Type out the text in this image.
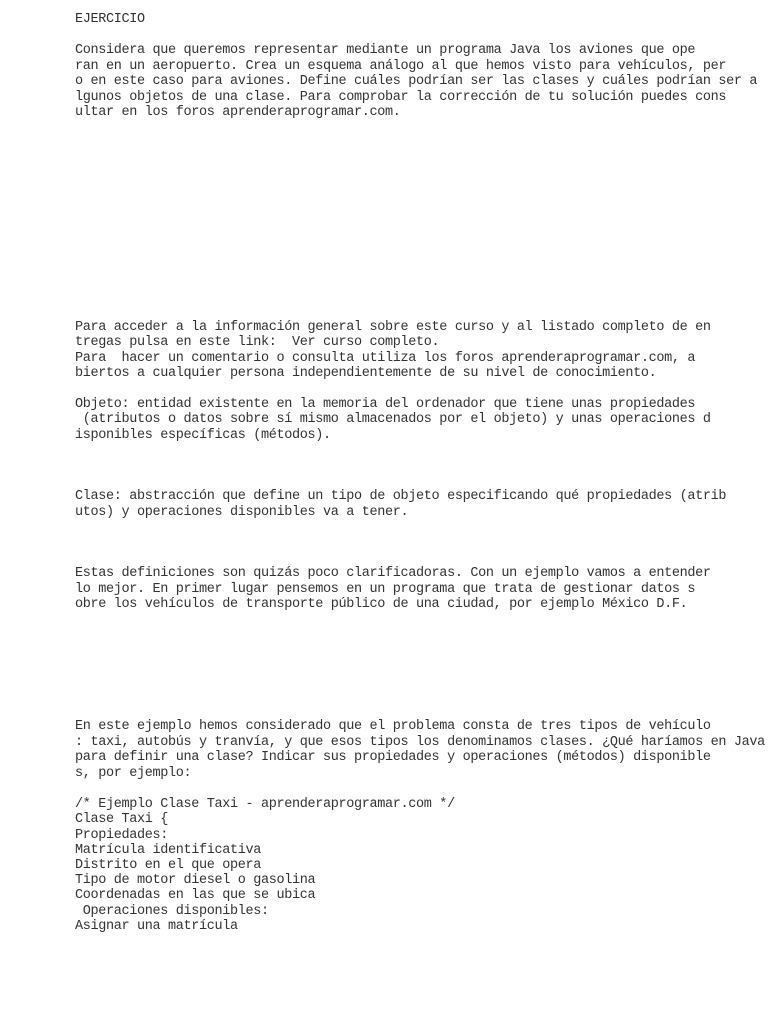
EJERCICIO

Considera que queremos representar mediante un programa Java los aviones que ope

ran en un aeropuerto. Crea un esquema análogo al que hemos visto para vehículos, per

o en este caso para aviones. Define cuáles podrían ser las clases y cuáles podrían ser a

lgunos objetos de una clase. Para comprobar la corrección de tu solución puedes cons

ultar en los foros aprenderaprogramar.com.

Para acceder a la información general sobre este curso y al listado completo de en

tregas pulsa en este link:  Ver curso completo.

Para  hacer un comentario o consulta utiliza los foros aprenderaprogramar.com, a

biertos a cualquier persona independientemente de su nivel de conocimiento.

Objeto: entidad existente en la memoria del ordenador que tiene unas propiedades

(atributos o datos sobre sí mismo almacenados por el objeto) y unas operaciones d

isponibles específicas (métodos).

Clase: abstracción que define un tipo de objeto especificando qué propiedades (atrib

utos) y operaciones disponibles va a tener.

Estas definiciones son quizás poco clarificadoras. Con un ejemplo vamos a entender

lo mejor. En primer lugar pensemos en un programa que trata de gestionar datos s

obre los vehículos de transporte público de una ciudad, por ejemplo México D.F.

En este ejemplo hemos considerado que el problema consta de tres tipos de vehículo

: taxi, autobús y tranvía, y que esos tipos los denominamos clases. ¿Qué haríamos en Java

para definir una clase? Indicar sus propiedades y operaciones (métodos) disponible

s, por ejemplo:

/* Ejemplo Clase Taxi - aprenderaprogramar.com */

Clase Taxi {

Propiedades:

Matrícula identificativa

Distrito en el que opera

Tipo de motor diesel o gasolina

Coordenadas en las que se ubica

Operaciones disponibles:

Asignar una matrícula
